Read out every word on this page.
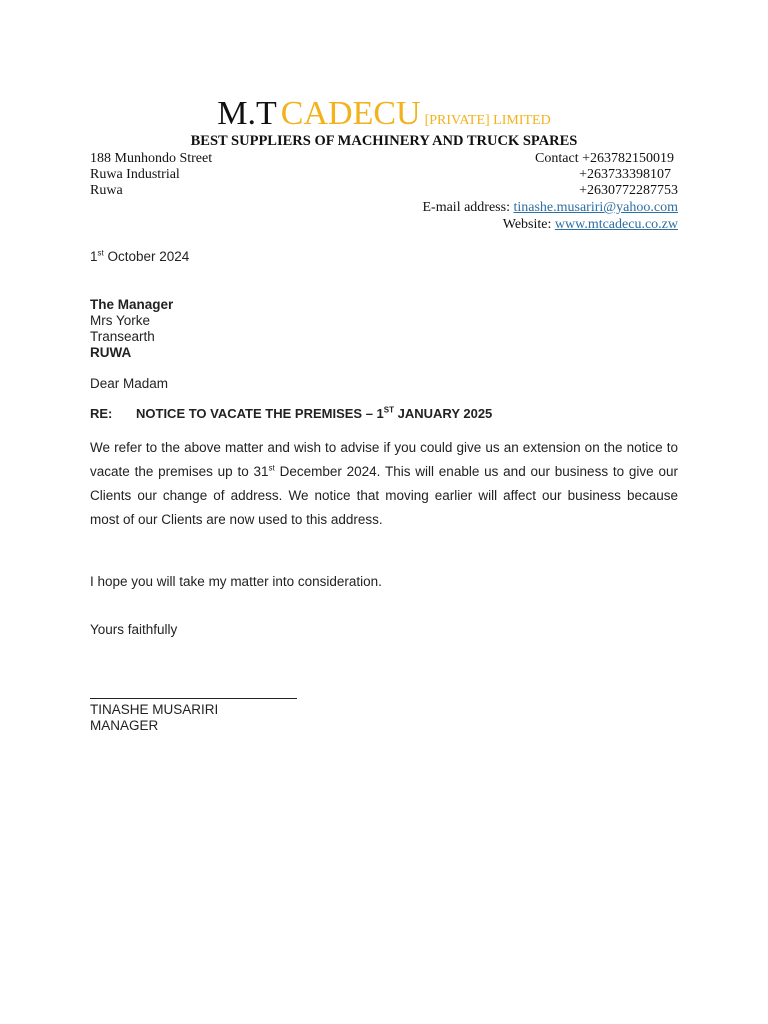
M.T CADECU [PRIVATE] LIMITED
BEST SUPPLIERS OF MACHINERY AND TRUCK SPARES
188 Munhondo Street
Ruwa Industrial
Ruwa
Contact +263782150019
+263733398107
+2630772287753
E-mail address: tinashe.musariri@yahoo.com
Website: www.mtcadecu.co.zw
1st October 2024
The Manager
Mrs Yorke
Transearth
RUWA
Dear Madam
RE: NOTICE TO VACATE THE PREMISES – 1ST JANUARY 2025
We refer to the above matter and wish to advise if you could give us an extension on the notice to vacate the premises up to 31st December 2024. This will enable us and our business to give our Clients our change of address. We notice that moving earlier will affect our business because most of our Clients are now used to this address.
I hope you will take my matter into consideration.
Yours faithfully
TINASHE MUSARIRI
MANAGER
